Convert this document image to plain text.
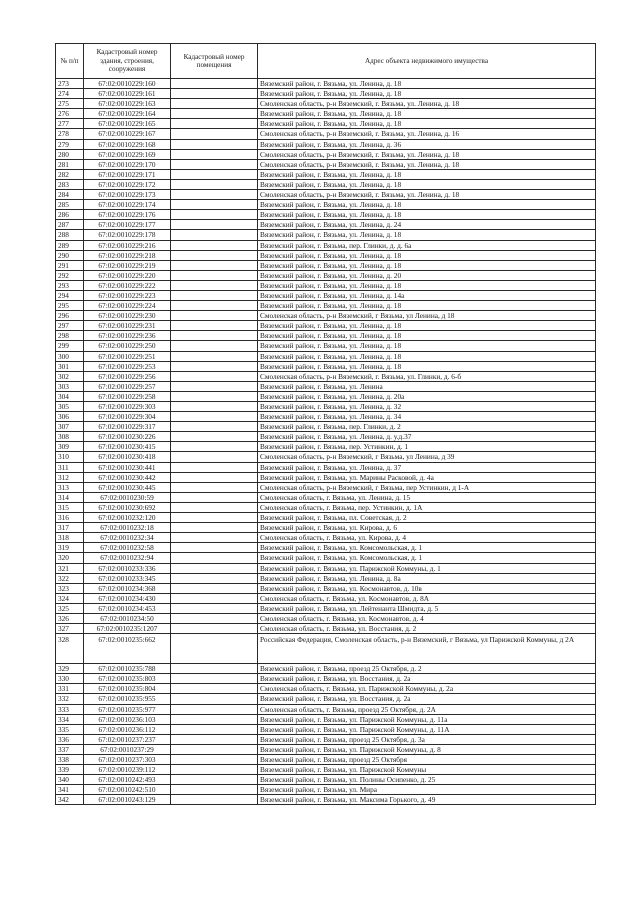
№ п/п	Кадастровый номер здания, строения, сооружения	Кадастровый номер помещения	Адрес объекта недвижимого имущества
273	67:02:0010229:160		Вяземский район, г. Вязьма, ул. Ленина, д. 18
274	67:02:0010229:161		Вяземский район, г. Вязьма, ул. Ленина, д. 18
275	67:02:0010229:163		Смоленская область, р-н Вяземский, г. Вязьма, ул. Ленина, д. 18
276	67:02:0010229:164		Вяземский район, г. Вязьма, ул. Ленина, д. 18
277	67:02:0010229:165		Вяземский район, г. Вязьма, ул. Ленина, д. 18
278	67:02:0010229:167		Смоленская область, р-н Вяземский, г. Вязьма, ул. Ленина, д. 16
279	67:02:0010229:168		Вяземский район, г. Вязьма, ул. Ленина, д. 36
280	67:02:0010229:169		Смоленская область, р-н Вяземский, г. Вязьма, ул. Ленина, д. 18
281	67:02:0010229:170		Смоленская область, р-н Вяземский, г. Вязьма, ул. Ленина, д. 18
282	67:02:0010229:171		Вяземский район, г. Вязьма, ул. Ленина, д. 18
283	67:02:0010229:172		Вяземский район, г. Вязьма, ул. Ленина, д. 18
284	67:02:0010229:173		Смоленская область, р-н Вяземский, г. Вязьма, ул. Ленина, д. 18
285	67:02:0010229:174		Вяземский район, г. Вязьма, ул. Ленина, д. 18
286	67:02:0010229:176		Вяземский район, г. Вязьма, ул. Ленина, д. 18
287	67:02:0010229:177		Вяземский район, г. Вязьма, ул. Ленина, д. 24
288	67:02:0010229:178		Вяземский район, г. Вязьма, ул. Ленина, д. 18
289	67:02:0010229:216		Вяземский район, г. Вязьма, пер. Глинки, д. д. 6а
290	67:02:0010229:218		Вяземский район, г. Вязьма, ул. Ленина, д. 18
291	67:02:0010229:219		Вяземский район, г. Вязьма, ул. Ленина, д. 18
292	67:02:0010229:220		Вяземский район, г. Вязьма, ул. Ленина, д. 20
293	67:02:0010229:222		Вяземский район, г. Вязьма, ул. Ленина, д. 18
294	67:02:0010229:223		Вяземский район, г. Вязьма, ул. Ленина, д. 14а
295	67:02:0010229:224		Вяземский район, г. Вязьма, ул. Ленина, д. 18
296	67:02:0010229:230		Смоленская область, р-н Вяземский, г Вязьма, ул Ленина, д 18
297	67:02:0010229:231		Вяземский район, г. Вязьма, ул. Ленина, д. 18
298	67:02:0010229:236		Вяземский район, г. Вязьма, ул. Ленина, д. 18
299	67:02:0010229:250		Вяземский район, г. Вязьма, ул. Ленина, д. 18
300	67:02:0010229:251		Вяземский район, г. Вязьма, ул. Ленина, д. 18
301	67:02:0010229:253		Вяземский район, г. Вязьма, ул. Ленина, д. 18
302	67:02:0010229:256		Смоленская область, р-н Вяземский, г. Вязьма, ул. Глинки, д. 6-б
303	67:02:0010229:257		Вяземский район, г. Вязьма, ул. Ленина
304	67:02:0010229:258		Вяземский район, г. Вязьма, ул. Ленина, д. 20а
305	67:02:0010229:303		Вяземский район, г. Вязьма, ул. Ленина, д. 32
306	67:02:0010229:304		Вяземский район, г. Вязьма, ул. Ленина, д. 34
307	67:02:0010229:317		Вяземский район, г. Вязьма, пер. Глинки, д. 2
308	67:02:0010230:226		Вяземский район, г. Вязьма, ул. Ленина, д. у.д.37
309	67:02:0010230:415		Вяземский район, г. Вязьма, пер. Устинкин, д. 1
310	67:02:0010230:418		Смоленская область, р-н Вяземский, г Вязьма, ул Ленина, д 39
311	67:02:0010230:441		Вяземский район, г. Вязьма, ул. Ленина, д. 37
312	67:02:0010230:442		Вяземский район, г. Вязьма, ул. Марины Расковой, д. 4а
313	67:02:0010230:445		Смоленская область, р-н Вяземский, г Вязьма, пер Устинкин, д 1-А
314	67:02:0010230:59		Смоленская область, г. Вязьма, ул. Ленина, д. 15
315	67:02:0010230:692		Смоленская область, г. Вязьма, пер. Устинкин, д. 1А
316	67:02:0010232:120		Вяземский район, г. Вязьма, пл. Советская, д. 2
317	67:02:0010232:18		Вяземский район, г. Вязьма, ул. Кирова, д. 6
318	67:02:0010232:34		Смоленская область, г. Вязьма, ул. Кирова, д. 4
319	67:02:0010232:58		Вяземский район, г. Вязьма, ул. Комсомольская, д. 1
320	67:02:0010232:94		Вяземский район, г. Вязьма, ул. Комсомольская, д. 1
321	67:02:0010233:336		Вяземский район, г. Вязьма, ул. Парижской Коммуны, д. 1
322	67:02:0010233:345		Вяземский район, г. Вязьма, ул. Ленина, д. 8а
323	67:02:0010234:368		Вяземский район, г. Вязьма, ул. Космонавтов, д. 10в
324	67:02:0010234:430		Смоленская область, г. Вязьма, ул. Космонавтов, д. 8А
325	67:02:0010234:453		Вяземский район, г. Вязьма, ул. Лейтенанта Шмидта, д. 5
326	67:02:0010234:50		Смоленская область, г. Вязьма, ул. Космонавтов, д. 4
327	67:02:0010235:1207		Смоленская область, г. Вязьма, ул. Восстания, д. 2
328	67:02:0010235:662		Российская Федерация, Смоленская область, р-н Вяземский, г Вязьма, ул Парижской Коммуны, д 2А
329	67:02:0010235:788		Вяземский район, г. Вязьма, проезд 25 Октября, д. 2
330	67:02:0010235:803		Вяземский район, г. Вязьма, ул. Восстания, д. 2а
331	67:02:0010235:804		Смоленская область, г. Вязьма, ул. Парижской Коммуны, д. 2а
332	67:02:0010235:955		Вяземский район, г. Вязьма, ул. Восстания, д. 2а
333	67:02:0010235:977		Смоленская область, г. Вязьма, проезд 25 Октября, д. 2А
334	67:02:0010236:103		Вяземский район, г. Вязьма, ул. Парижской Коммуны, д. 11а
335	67:02:0010236:112		Вяземский район, г. Вязьма, ул. Парижской Коммуны, д. 11А
336	67:02:0010237:237		Вяземский район, г. Вязьма, проезд 25 Октября, д. 3а
337	67:02:0010237:29		Вяземский район, г. Вязьма, ул. Парижской Коммуны, д. 8
338	67:02:0010237:303		Вяземский район, г. Вязьма, проезд 25 Октября
339	67:02:0010239:112		Вяземский район, г. Вязьма, ул. Парижской Коммуны
340	67:02:0010242:493		Вяземский район, г. Вязьма, ул. Полины Осипенко, д. 25
341	67:02:0010242:510		Вяземский район, г. Вязьма, ул. Мира
342	67:02:0010243:129		Вяземский район, г. Вязьма, ул. Максима Горького, д. 49
